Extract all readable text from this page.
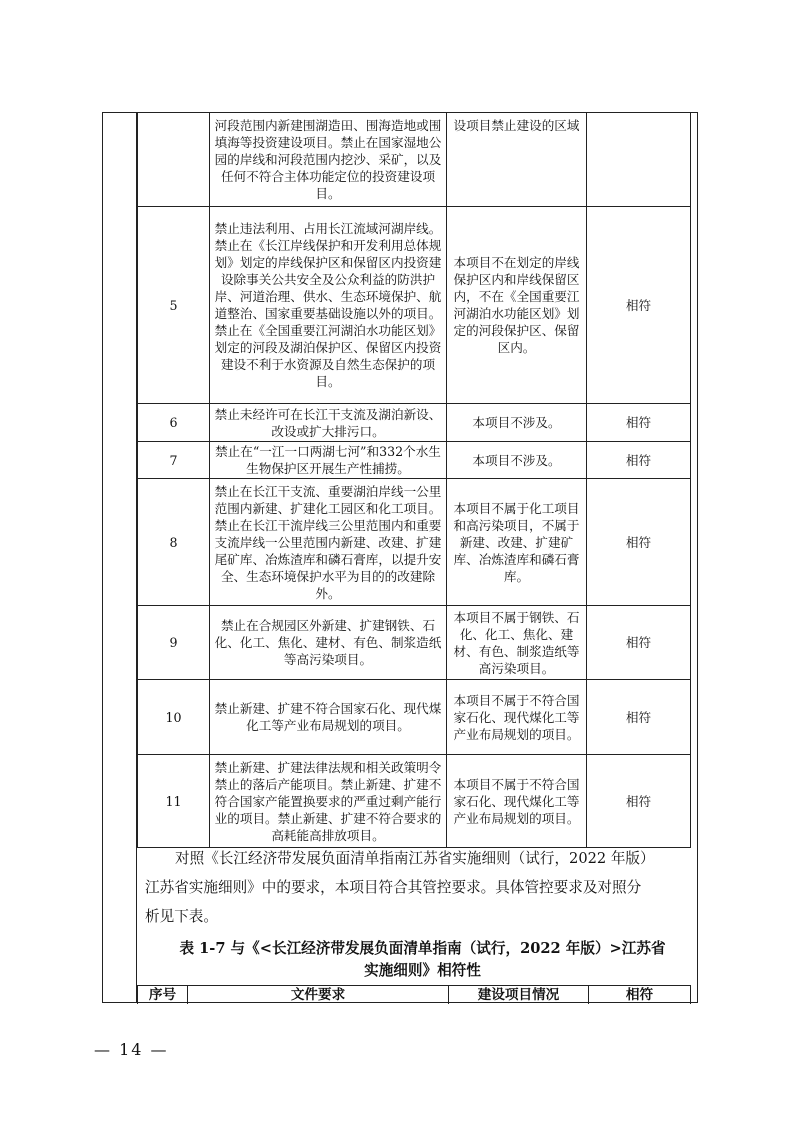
	河段范围内新建围湖造田、围海造地或围填海等投资建设项目。禁止在国家湿地公园的岸线和河段范围内挖沙、采矿，以及任何不符合主体功能定位的投资建设项目。	设项目禁止建设的区域	
5	禁止违法利用、占用长江流域河湖岸线。禁止在《长江岸线保护和开发利用总体规划》划定的岸线保护区和保留区内投资建设除事关公共安全及公众利益的防洪护岸、河道治理、供水、生态环境保护、航道整治、国家重要基础设施以外的项目。禁止在《全国重要江河湖泊水功能区划》划定的河段及湖泊保护区、保留区内投资建设不利于水资源及自然生态保护的项目。	本项目不在划定的岸线保护区内和岸线保留区内，不在《全国重要江河湖泊水功能区划》划定的河段保护区、保留区内。	相符
6	禁止未经许可在长江干支流及湖泊新设、改设或扩大排污口。	本项目不涉及。	相符
7	禁止在“一江一口两湖七河”和332个水生生物保护区开展生产性捕捞。	本项目不涉及。	相符
8	禁止在长江干支流、重要湖泊岸线一公里范围内新建、扩建化工园区和化工项目。禁止在长江干流岸线三公里范围内和重要支流岸线一公里范围内新建、改建、扩建尾矿库、冶炼渣库和磷石膏库，以提升安全、生态环境保护水平为目的的改建除外。	本项目不属于化工项目和高污染项目，不属于新建、改建、扩建矿库、冶炼渣库和磷石膏库。	相符
9	禁止在合规园区外新建、扩建钢铁、石化、化工、焦化、建材、有色、制浆造纸等高污染项目。	本项目不属于钢铁、石化、化工、焦化、建材、有色、制浆造纸等高污染项目。	相符
10	禁止新建、扩建不符合国家石化、现代煤化工等产业布局规划的项目。	本项目不属于不符合国家石化、现代煤化工等产业布局规划的项目。	相符
11	禁止新建、扩建法律法规和相关政策明令禁止的落后产能项目。禁止新建、扩建不符合国家产能置换要求的严重过剩产能行业的项目。禁止新建、扩建不符合要求的高耗能高排放项目。	本项目不属于不符合国家石化、现代煤化工等产业布局规划的项目。	相符
对照《长江经济带发展负面清单指南江苏省实施细则（试行，2022 年版）
江苏省实施细则》中的要求，本项目符合其管控要求。具体管控要求及对照分
析见下表。
表 1-7 与《<长江经济带发展负面清单指南（试行，2022 年版）>江苏省
实施细则》相符性
序号	文件要求	建设项目情况	相符
— 14 —
